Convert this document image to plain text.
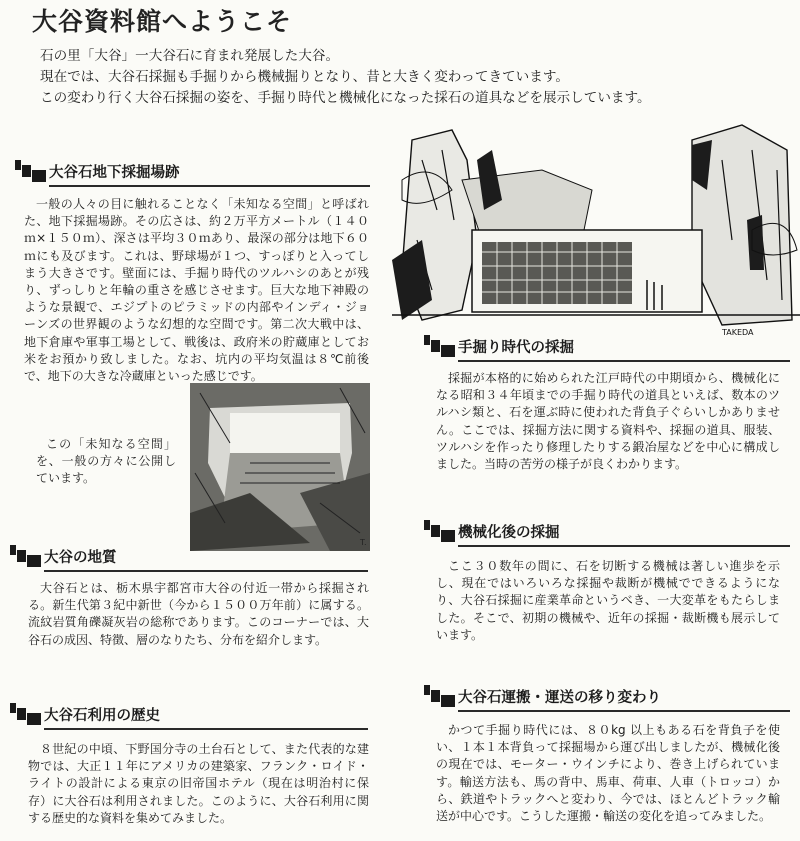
大谷資料館へようこそ

石の里「大谷」一大谷石に育まれ発展した大谷。

現在では、大谷石採掘も手掘りから機械掘りとなり、昔と大きく変わってきています。

この変わり行く大谷石採掘の姿を、手掘り時代と機械化になった採石の道具などを展示しています。

大谷石地下採掘場跡

一般の人々の目に触れることなく「未知なる空間」と呼ばれた、地下採掘場跡。その広さは、約２万平方メートル（１４０ｍ×１５０ｍ）、深さは平均３０ｍあり、最深の部分は地下６０ｍにも及びます。これは、野球場が１つ、すっぽりと入ってしまう大きさです。壁面には、手掘り時代のツルハシのあとが残り、ずっしりと年輪の重さを感じさせます。巨大な地下神殿のような景観で、エジプトのピラミッドの内部やインディ・ジョーンズの世界観のような幻想的な空間です。第二次大戦中は、地下倉庫や軍事工場として、戦後は、政府米の貯蔵庫としてお米をお預かり致しました。なお、坑内の平均気温は８℃前後で、地下の大きな冷蔵庫といった感じです。

この「未知なる空間」を、一般の方々に公開しています。

T.
大谷の地質

大谷石とは、栃木県宇都宮市大谷の付近一帯から採掘される。新生代第３紀中新世（今から１５００万年前）に属する。流紋岩質角礫凝灰岩の総称であります。このコーナーでは、大谷石の成因、特徴、層のなりたち、分布を紹介します。

大谷石利用の歴史

８世紀の中頃、下野国分寺の土台石として、また代表的な建物では、大正１１年にアメリカの建築家、フランク・ロイド・ライトの設計による東京の旧帝国ホテル（現在は明治村に保存）に大谷石は利用されました。このように、大谷石利用に関する歴史的な資料を集めてみました。

TAKEDA
手掘り時代の採掘

採掘が本格的に始められた江戸時代の中期頃から、機械化になる昭和３４年頃までの手掘り時代の道具といえば、数本のツルハシ類と、石を運ぶ時に使われた背負子ぐらいしかありません。ここでは、採掘方法に関する資料や、採掘の道具、服装、ツルハシを作ったり修理したりする鍛冶屋などを中心に構成しました。当時の苦労の様子が良くわかります。

機械化後の採掘

ここ３０数年の間に、石を切断する機械は著しい進歩を示し、現在ではいろいろな採掘や裁断が機械でできるようになり、大谷石採掘に産業革命というべき、一大変革をもたらしました。そこで、初期の機械や、近年の採掘・裁断機も展示しています。

大谷石運搬・運送の移り変わり

かつて手掘り時代には、８０kg 以上もある石を背負子を使い、１本１本背負って採掘場から運び出しましたが、機械化後の現在では、モーター・ウインチにより、巻き上げられています。輸送方法も、馬の背中、馬車、荷車、人車（トロッコ）から、鉄道やトラックへと変わり、今では、ほとんどトラック輸送が中心です。こうした運搬・輸送の変化を追ってみました。
